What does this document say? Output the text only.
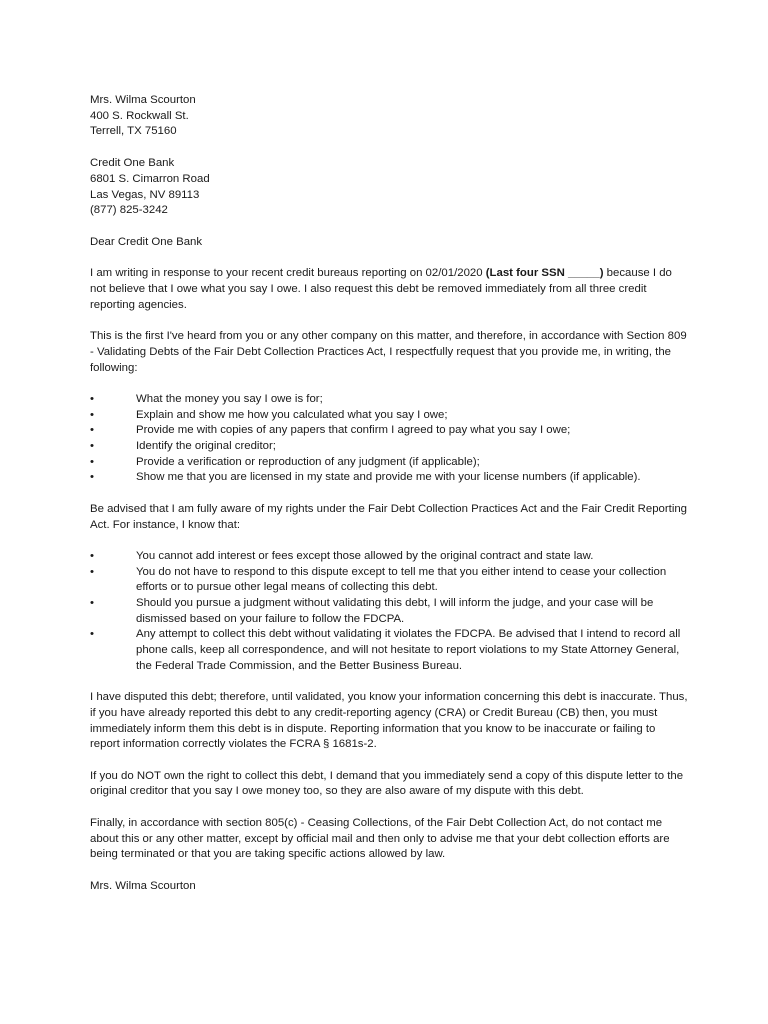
Mrs. Wilma Scourton
400 S. Rockwall St.
Terrell, TX 75160
Credit One Bank
6801 S. Cimarron Road
Las Vegas, NV 89113
(877) 825-3242

Dear Credit One Bank

I am writing in response to your recent credit bureaus reporting on 02/01/2020 (Last four SSN _____) because I do not believe that I owe what you say I owe. I also request this debt be removed immediately from all three credit reporting agencies.

This is the first I've heard from you or any other company on this matter, and therefore, in accordance with Section 809 - Validating Debts of the Fair Debt Collection Practices Act, I respectfully request that you provide me, in writing, the following:

•	What the money you say I owe is for;
•	Explain and show me how you calculated what you say I owe;
•	Provide me with copies of any papers that confirm I agreed to pay what you say I owe;
•	Identify the original creditor;
•	Provide a verification or reproduction of any judgment (if applicable);
•	Show me that you are licensed in my state and provide me with your license numbers (if applicable).

Be advised that I am fully aware of my rights under the Fair Debt Collection Practices Act and the Fair Credit Reporting Act. For instance, I know that:

•	You cannot add interest or fees except those allowed by the original contract and state law.
•	You do not have to respond to this dispute except to tell me that you either intend to cease your collection efforts or to pursue other legal means of collecting this debt.
•	Should you pursue a judgment without validating this debt, I will inform the judge, and your case will be dismissed based on your failure to follow the FDCPA.
•	Any attempt to collect this debt without validating it violates the FDCPA. Be advised that I intend to record all phone calls, keep all correspondence, and will not hesitate to report violations to my State Attorney General, the Federal Trade Commission, and the Better Business Bureau.

I have disputed this debt; therefore, until validated, you know your information concerning this debt is inaccurate. Thus, if you have already reported this debt to any credit-reporting agency (CRA) or Credit Bureau (CB) then, you must immediately inform them this debt is in dispute. Reporting information that you know to be inaccurate or failing to report information correctly violates the FCRA § 1681s-2.

If you do NOT own the right to collect this debt, I demand that you immediately send a copy of this dispute letter to the original creditor that you say I owe money too, so they are also aware of my dispute with this debt.

Finally, in accordance with section 805(c) - Ceasing Collections, of the Fair Debt Collection Act, do not contact me about this or any other matter, except by official mail and then only to advise me that your debt collection efforts are being terminated or that you are taking specific actions allowed by law.

Mrs. Wilma Scourton
